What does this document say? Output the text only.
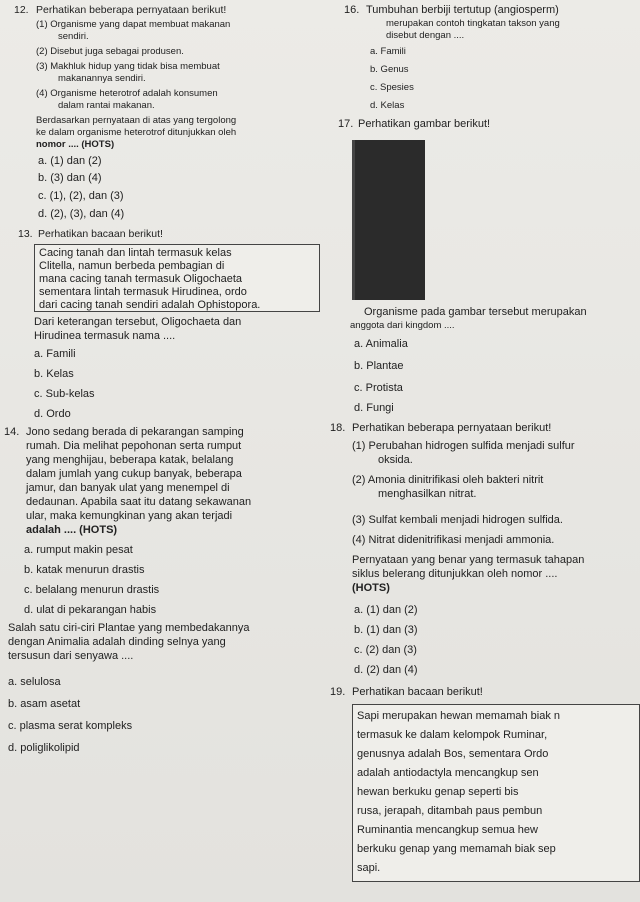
12. Perhatikan beberapa pernyataan berikut!
(1) Organisme yang dapat membuat makanan
sendiri.
(2) Disebut juga sebagai produsen.
(3) Makhluk hidup yang tidak bisa membuat
makanannya sendiri.
(4) Organisme heterotrof adalah konsumen
dalam rantai makanan.
Berdasarkan pernyataan di atas yang tergolong
ke dalam organisme heterotrof ditunjukkan oleh
nomor .... (HOTS)
a. (1) dan (2)
b. (3) dan (4)
c. (1), (2), dan (3)
d. (2), (3), dan (4)
13. Perhatikan bacaan berikut!
Cacing tanah dan lintah termasuk kelas
Clitella, namun berbeda pembagian di
mana cacing tanah termasuk Oligochaeta
sementara lintah termasuk Hirudinea, ordo
dari cacing tanah sendiri adalah Ophistopora.
Dari keterangan tersebut, Oligochaeta dan
Hirudinea termasuk nama ....
a. Famili
b. Kelas
c. Sub-kelas
d. Ordo
14. Jono sedang berada di pekarangan samping
rumah. Dia melihat pepohonan serta rumput
yang menghijau, beberapa katak, belalang
dalam jumlah yang cukup banyak, beberapa
jamur, dan banyak ulat yang menempel di
dedaunan. Apabila saat itu datang sekawanan
ular, maka kemungkinan yang akan terjadi
adalah .... (HOTS)
a. rumput makin pesat
b. katak menurun drastis
c. belalang menurun drastis
d. ulat di pekarangan habis
Salah satu ciri-ciri Plantae yang membedakannya
dengan Animalia adalah dinding selnya yang
tersusun dari senyawa ....
a. selulosa
b. asam asetat
c. plasma serat kompleks
d. poliglikolipid
16. Tumbuhan berbiji tertutup (angiosperm)
merupakan contoh tingkatan takson yang
disebut dengan ....
a. Famili
b. Genus
c. Spesies
d. Kelas
17. Perhatikan gambar berikut!
Organisme pada gambar tersebut merupakan
anggota dari kingdom ....
a. Animalia
b. Plantae
c. Protista
d. Fungi
18. Perhatikan beberapa pernyataan berikut!
(1) Perubahan hidrogen sulfida menjadi sulfur
oksida.
(2) Amonia dinitrifikasi oleh bakteri nitrit
menghasilkan nitrat.
(3) Sulfat kembali menjadi hidrogen sulfida.
(4) Nitrat didenitrifikasi menjadi ammonia.
Pernyataan yang benar yang termasuk tahapan
siklus belerang ditunjukkan oleh nomor ....
(HOTS)
a. (1) dan (2)
b. (1) dan (3)
c. (2) dan (3)
d. (2) dan (4)
19. Perhatikan bacaan berikut!
Sapi merupakan hewan memamah biak n
termasuk ke dalam kelompok Ruminar,
genusnya adalah Bos, sementara Ordo
adalah antiodactyla mencangkup sen
hewan berkuku genap seperti bis
rusa, jerapah, ditambah paus pembun
Ruminantia mencangkup semua hew
berkuku genap yang memamah biak sep
sapi.
